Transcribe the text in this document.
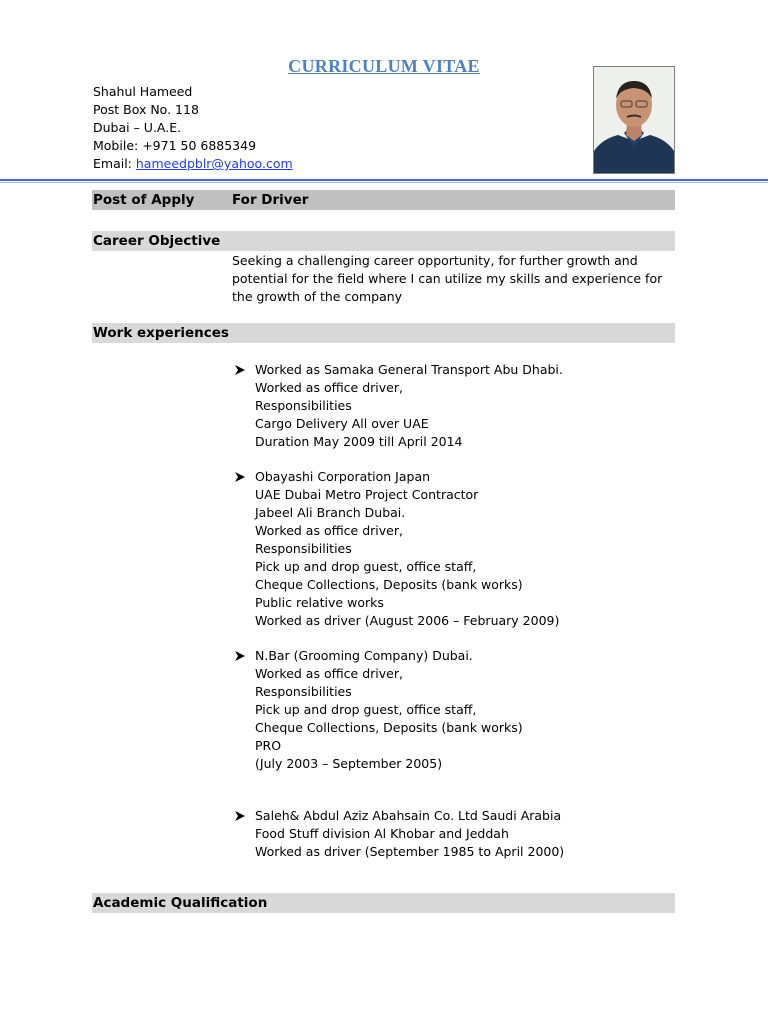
CURRICULUM VITAE
Shahul Hameed
Post Box No. 118
Dubai – U.A.E.
Mobile: +971 50 6885349
Email: hameedpblr@yahoo.com
Post of Apply	For Driver
Career Objective
Seeking a challenging career opportunity, for further growth and potential for the field where I can utilize my skills and experience for the growth of the company
Work experiences
Worked as Samaka General Transport Abu Dhabi.
Worked as office driver,
Responsibilities
Cargo Delivery All over UAE
Duration May 2009 till April 2014
Obayashi Corporation Japan
UAE Dubai Metro Project Contractor
Jabeel Ali Branch Dubai.
Worked as office driver,
Responsibilities
Pick up and drop guest, office staff,
Cheque Collections, Deposits (bank works)
Public relative works
Worked as driver (August 2006 – February 2009)
N.Bar (Grooming Company) Dubai.
Worked as office driver,
Responsibilities
Pick up and drop guest, office staff,
Cheque Collections, Deposits (bank works)
PRO
(July 2003 – September 2005)
Saleh& Abdul Aziz Abahsain Co. Ltd Saudi Arabia
Food Stuff division Al Khobar and Jeddah
Worked as driver (September 1985 to April 2000)
Academic Qualification
